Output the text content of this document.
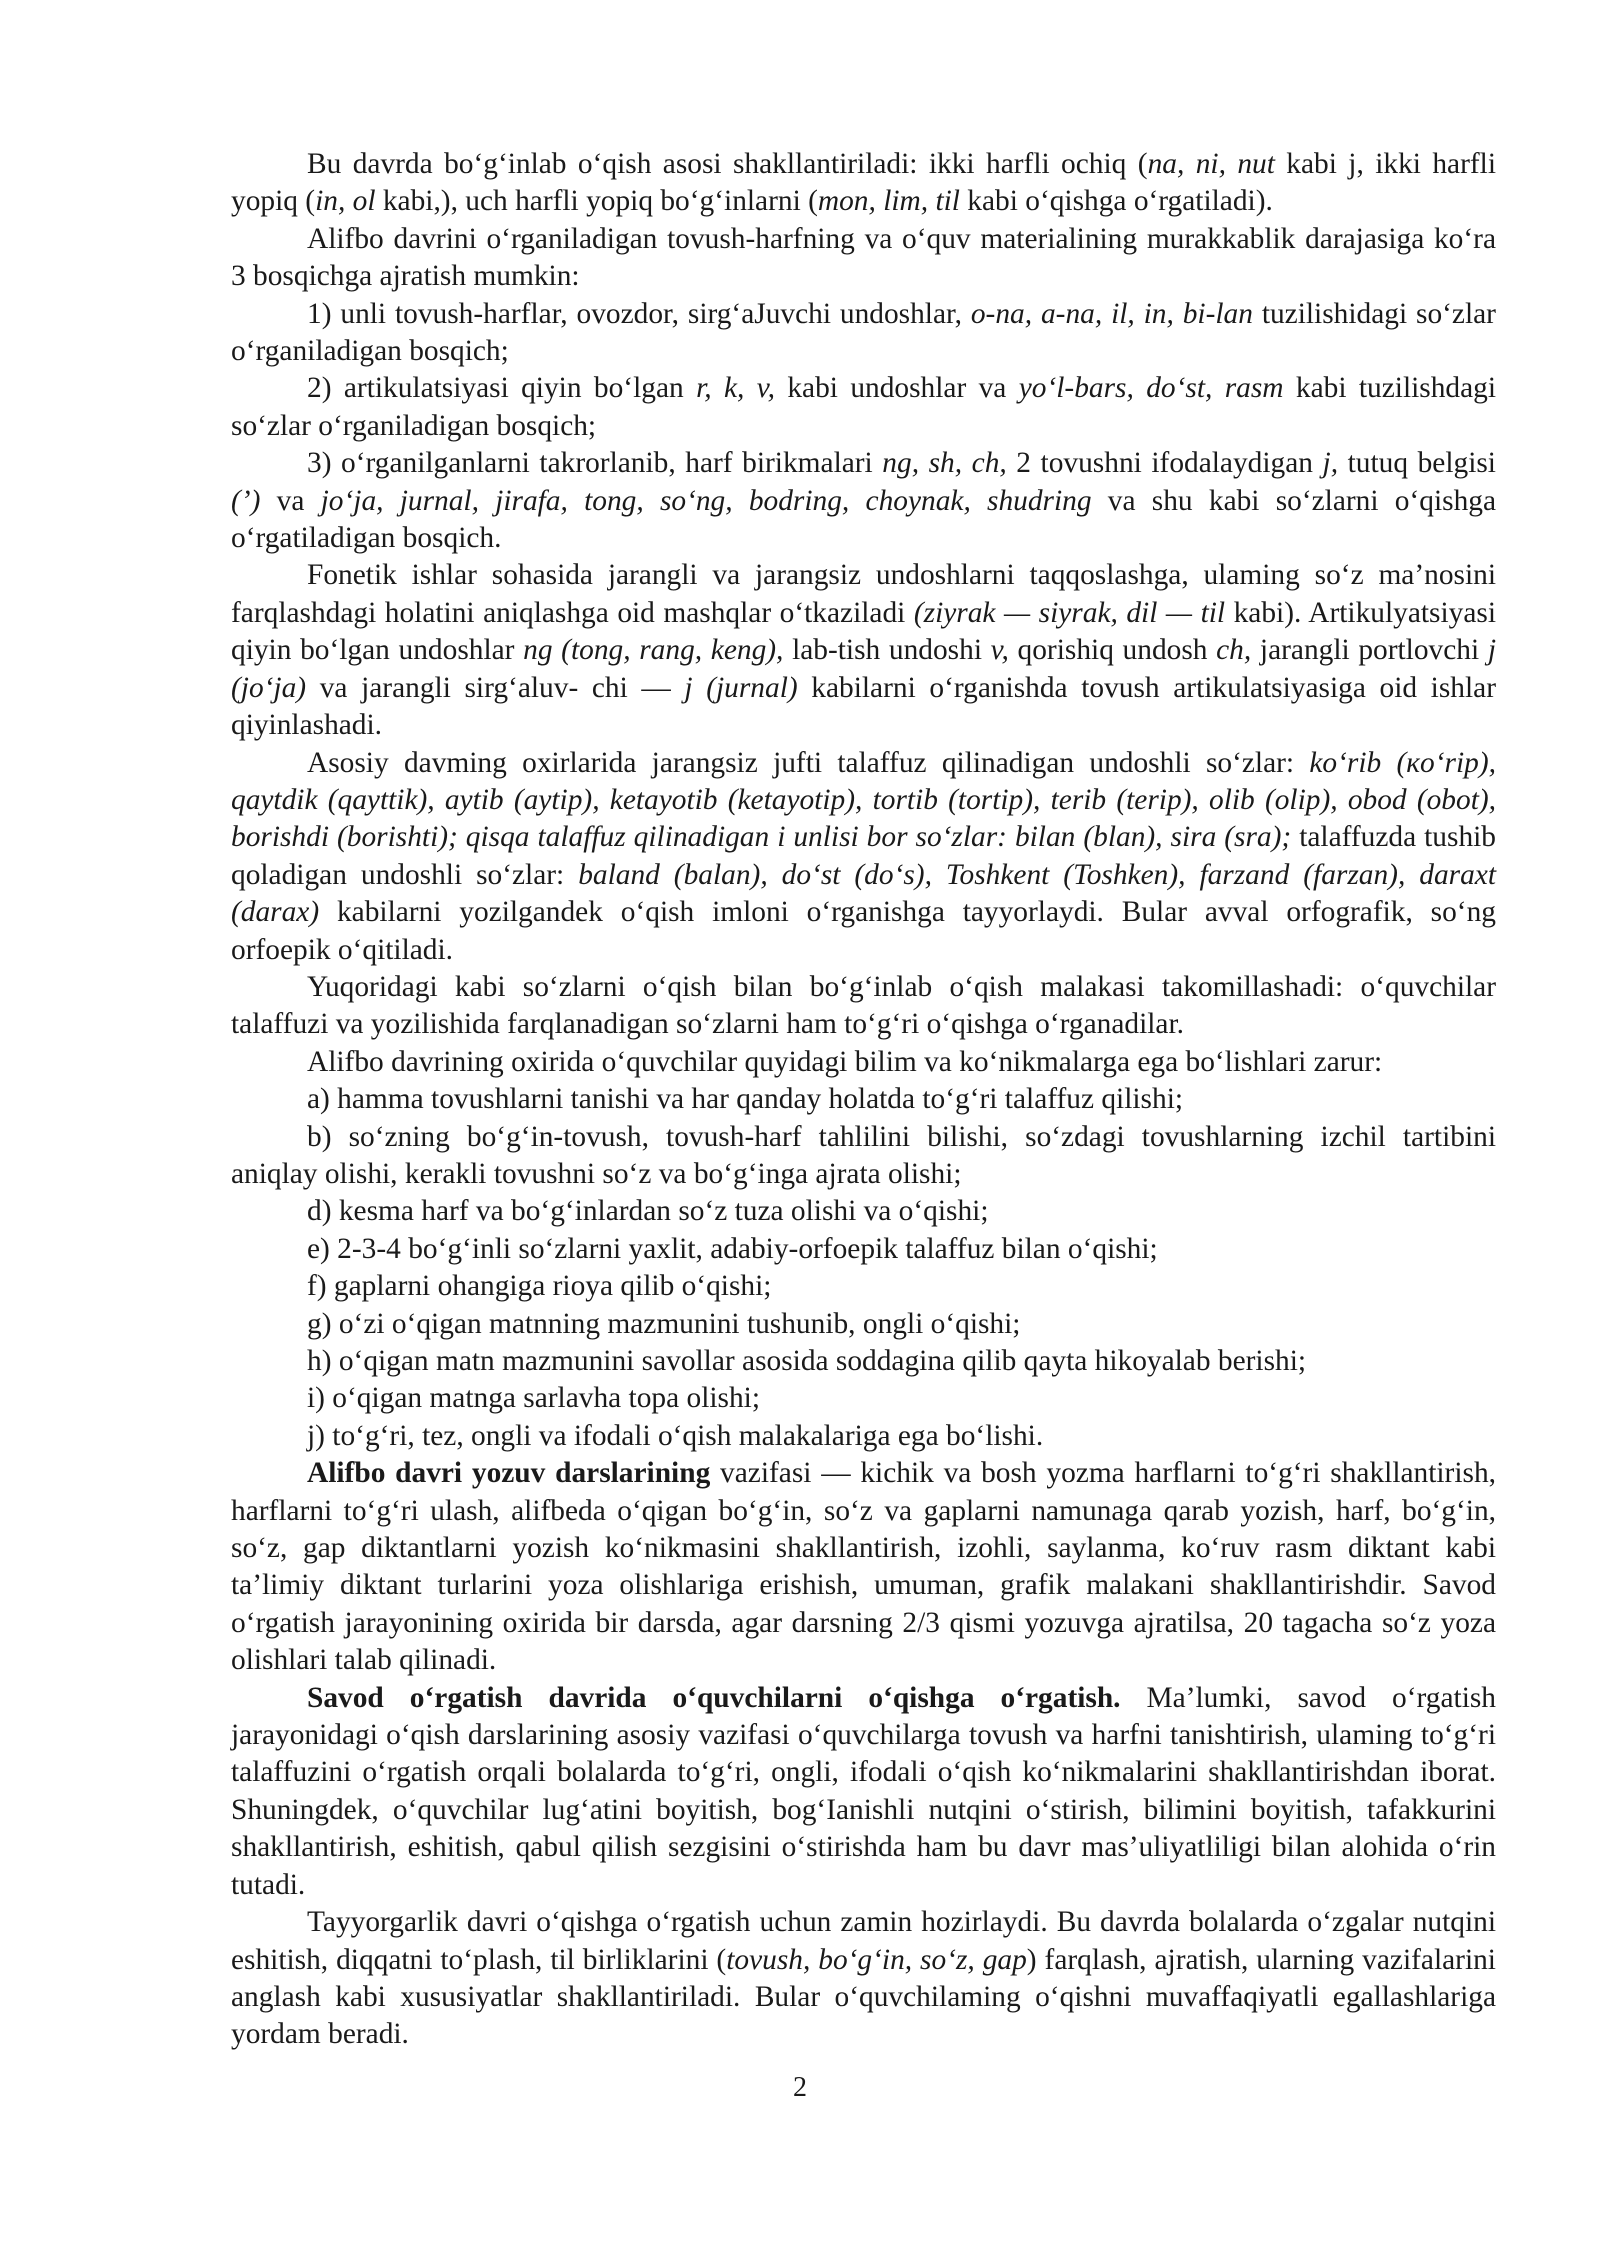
Bu davrda bo‘g‘inlab o‘qish asosi shakllantiriladi: ikki harfli ochiq (na, ni, nut kabi j, ikki harfli yopiq (in, ol kabi,), uch harfli yopiq bo‘g‘inlarni (mon, lim, til kabi o‘qishga o‘rgatiladi).

Alifbo davrini o‘rganiladigan tovush-harfning va o‘quv materialining murakkablik darajasiga ko‘ra 3 bosqichga ajratish mumkin:

1) unli tovush-harflar, ovozdor, sirg‘aJuvchi undoshlar, o-na, a-na, il, in, bi-lan tuzilishidagi so‘zlar o‘rganiladigan bosqich;

2) artikulatsiyasi qiyin bo‘lgan r, k, v, kabi undoshlar va yo‘l-bars, do‘st, rasm kabi tuzilishdagi so‘zlar o‘rganiladigan bosqich;

3) o‘rganilganlarni takrorlanib, harf birikmalari ng, sh, ch, 2 tovushni ifodalaydigan j, tutuq belgisi (’) va jo‘ja, jurnal, jirafa, tong, so‘ng, bodring, choynak, shudring va shu kabi so‘zlarni o‘qishga o‘rgatiladigan bosqich.

Fonetik ishlar sohasida jarangli va jarangsiz undoshlarni taqqoslashga, ulaming so‘z ma’nosini farqlashdagi holatini aniqlashga oid mashqlar o‘tkaziladi (ziyrak — siyrak, dil — til kabi). Artikulyatsiyasi qiyin bo‘lgan undoshlar ng (tong, rang, keng), lab-tish undoshi v, qorishiq undosh ch, jarangli portlovchi j (jo‘ja) va jarangli sirg‘aluv- chi — j (jurnal) kabilarni o‘rganishda tovush artikulatsiyasiga oid ishlar qiyinlashadi.

Asosiy davming oxirlarida jarangsiz jufti talaffuz qilinadigan undoshli so‘zlar: ko‘rib (кo‘rip), qaytdik (qayttik), aytib (aytip), ketayotib (ketayotip), tortib (tortip), terib (terip), olib (olip), obod (obot), borishdi (borishti); qisqa talaffuz qilinadigan i unlisi bor so‘zlar: bilan (blan), sira (sra); talaffuzda tushib qoladigan undoshli so‘zlar: baland (balan), do‘st (do‘s), Toshkent (Toshken), farzand (farzan), daraxt (darax) kabilarni yozilgandek o‘qish imloni o‘rganishga tayyorlaydi. Bular avval orfografik, so‘ng orfoepik o‘qitiladi.

Yuqoridagi kabi so‘zlarni o‘qish bilan bo‘g‘inlab o‘qish malakasi takomillashadi: o‘quvchilar talaffuzi va yozilishida farqlanadigan so‘zlarni ham to‘g‘ri o‘qishga o‘rganadilar.

Alifbo davrining oxirida o‘quvchilar quyidagi bilim va ko‘nikmalarga ega bo‘lishlari zarur:

a) hamma tovushlarni tanishi va har qanday holatda to‘g‘ri talaffuz qilishi;

b) so‘zning bo‘g‘in-tovush, tovush-harf tahlilini bilishi, so‘zdagi tovushlarning izchil tartibini aniqlay olishi, kerakli tovushni so‘z va bo‘g‘inga ajrata olishi;

d) kesma harf va bo‘g‘inlardan so‘z tuza olishi va o‘qishi;

e) 2-3-4 bo‘g‘inli so‘zlarni yaxlit, adabiy-orfoepik talaffuz bilan o‘qishi;

f) gaplarni ohangiga rioya qilib o‘qishi;

g) o‘zi o‘qigan matnning mazmunini tushunib, ongli o‘qishi;

h) o‘qigan matn mazmunini savollar asosida soddagina qilib qayta hikoyalab berishi;

i) o‘qigan matnga sarlavha topa olishi;

j) to‘g‘ri, tez, ongli va ifodali o‘qish malakalariga ega bo‘lishi.

Alifbo davri yozuv darslarining vazifasi — kichik va bosh yozma harflarni to‘g‘ri shakllantirish, harflarni to‘g‘ri ulash, alifbeda o‘qigan bo‘g‘in, so‘z va gaplarni namunaga qarab yozish, harf, bo‘g‘in, so‘z, gap diktantlarni yozish ko‘nikmasini shakllantirish, izohli, saylanma, ko‘ruv rasm diktant kabi ta’limiy diktant turlarini yoza olishlariga erishish, umuman, grafik malakani shakllantirishdir. Savod o‘rgatish jarayonining oxirida bir darsda, agar darsning 2/3 qismi yozuvga ajratilsa, 20 tagacha so‘z yoza olishlari talab qilinadi.

Savod o‘rgatish davrida o‘quvchilarni o‘qishga o‘rgatish. Ma’lumki, savod o‘rgatish jarayonidagi o‘qish darslarining asosiy vazifasi o‘quvchilarga tovush va harfni tanishtirish, ulaming to‘g‘ri talaffuzini o‘rgatish orqali bolalarda to‘g‘ri, ongli, ifodali o‘qish ko‘nikmalarini shakllantirishdan iborat. Shuningdek, o‘quvchilar lug‘atini boyitish, bog‘Ianishli nutqini o‘stirish, bilimini boyitish, tafakkurini shakllantirish, eshitish, qabul qilish sezgisini o‘stirishda ham bu davr mas’uliyatliligi bilan alohida o‘rin tutadi.

Tayyorgarlik davri o‘qishga o‘rgatish uchun zamin hozirlaydi. Bu davrda bolalarda o‘zgalar nutqini eshitish, diqqatni to‘plash, til birliklarini (tovush, bo‘g‘in, so‘z, gap) farqlash, ajratish, ularning vazifalarini anglash kabi xususiyatlar shakllantiriladi. Bular o‘quvchilaming o‘qishni muvaffaqiyatli egallashlariga yordam beradi.

2
